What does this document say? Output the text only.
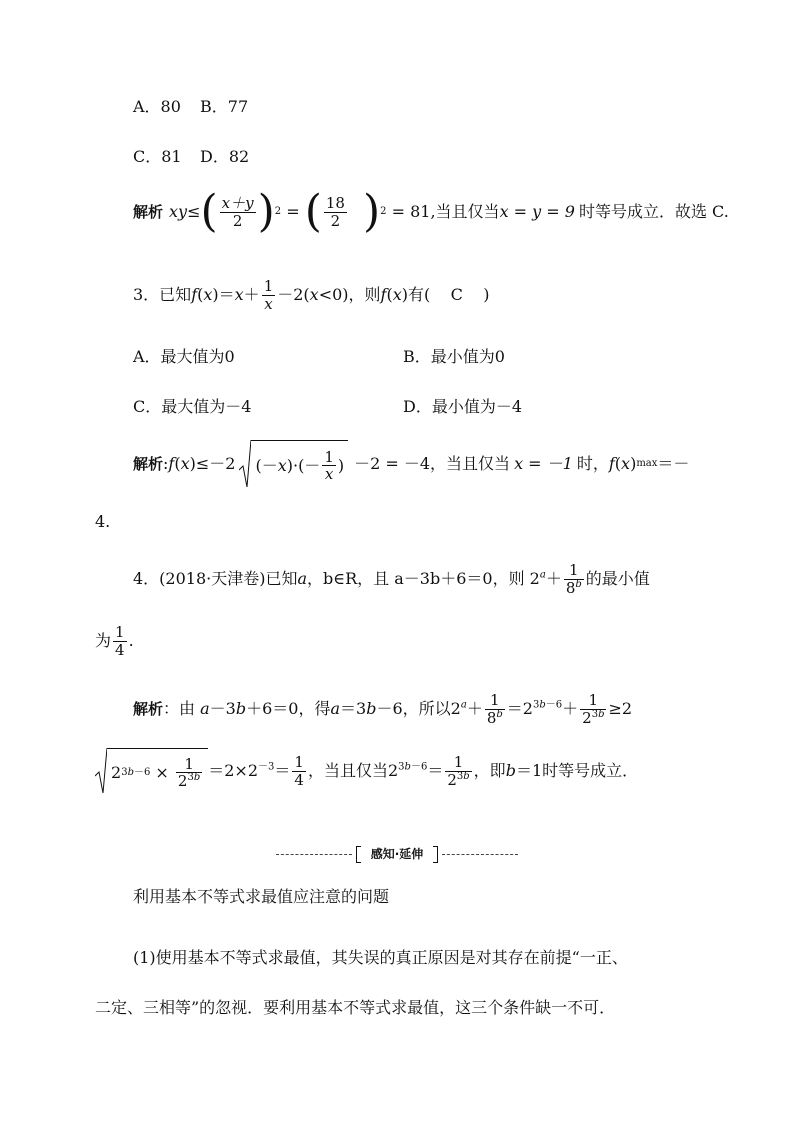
A．80 B．77
C．81 D．82
解析 xy≤ ( $\frac{x+y}{2}$ ) 2 = ( $\frac{18}{2}$ ) 2 = 81 ,当且仅当 x = y = 9 时等号成立．故选 C.
3．已知 f ( x )＝ $x + \frac{1}{x} -2$( x <0)，则 f ( x )有( C )
A．最大值为0	B．最小值为0
C．最大值为－4	D．最小值为－4
解析 : f ( x )≤－2 (－ x )·(－ $\frac{1}{x}$ ) －2 = －4，当且仅当 x = －1 时， f ( x ) max ＝－
4.
4．(2018·天津卷)已知 a ， b∈R，且 a－3b＋6＝0，则 $2^a+ \frac{1}{8^b}$ 的最小值
为 $\frac{1}{4}$ .
解析 ：由 a －3 b ＋6＝0 ，得 a ＝3 b －6 ，所以 $2^a+ \frac{1}{8^b} =2^{3b-6}+ \frac{1}{2^{3b}} \ge 2$
2 $3b-6 \times \frac{1}{2^{3b}} =2\times 2^{-3}= \frac{1}{4}$ ，当且仅当 $2^{3b-6}= \frac{1}{2^{3b}}$ ，即 b ＝1 时等号成立．
感知·延伸
利用基本不等式求最值应注意的问题
(1)使用基本不等式求最值，其失误的真正原因是对其存在前提“一正、
二定、三相等”的忽视．要利用基本不等式求最值，这三个条件缺一不可．
